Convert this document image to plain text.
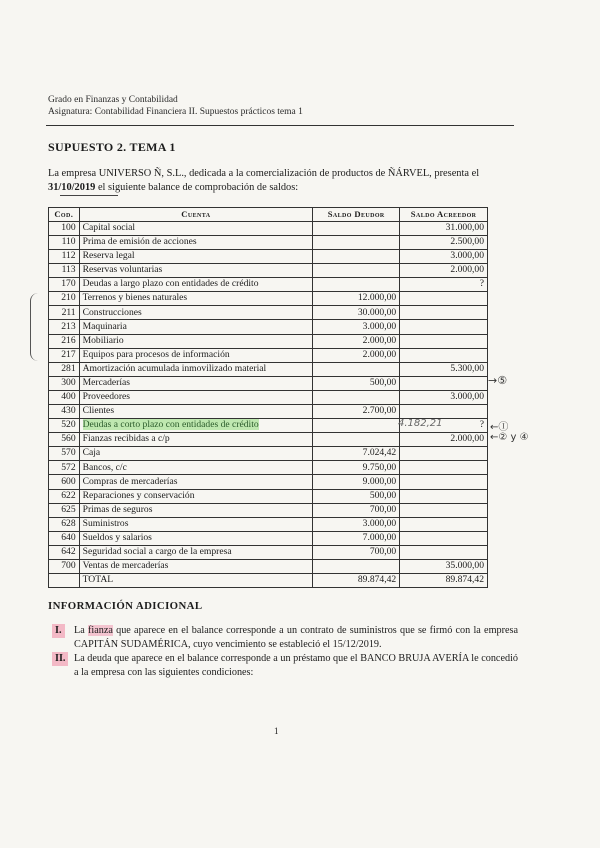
Grado en Finanzas y Contabilidad
Asignatura: Contabilidad Financiera II. Supuestos prácticos tema 1
SUPUESTO 2. TEMA 1
La empresa UNIVERSO Ñ, S.L., dedicada a la comercialización de productos de ÑÁRVEL, presenta el 31/10/2019 el siguiente balance de comprobación de saldos:
Cod.	Cuenta	Saldo Deudor	Saldo Acreedor
100	Capital social		31.000,00
110	Prima de emisión de acciones		2.500,00
112	Reserva legal		3.000,00
113	Reservas voluntarias		2.000,00
170	Deudas a largo plazo con entidades de crédito		?
210	Terrenos y bienes naturales	12.000,00	
211	Construcciones	30.000,00	
213	Maquinaria	3.000,00	
216	Mobiliario	2.000,00	
217	Equipos para procesos de información	2.000,00	
281	Amortización acumulada inmovilizado material		5.300,00
300	Mercaderías	500,00	
400	Proveedores		3.000,00
430	Clientes	2.700,00	
520	Deudas a corto plazo con entidades de crédito		?
560	Fianzas recibidas a c/p		2.000,00
570	Caja	7.024,42	
572	Bancos, c/c	9.750,00	
600	Compras de mercaderías	9.000,00	
622	Reparaciones y conservación	500,00	
625	Primas de seguros	700,00	
628	Suministros	3.000,00	
640	Sueldos y salarios	7.000,00	
642	Seguridad social a cargo de la empresa	700,00	
700	Ventas de mercaderías		35.000,00
	TOTAL	89.874,42	89.874,42
→⑤
4.182,21	←Ⓘ
←② y ④
INFORMACIÓN ADICIONAL
I. La fianza que aparece en el balance corresponde a un contrato de suministros que se firmó con la empresa CAPITÁN SUDAMÉRICA, cuyo vencimiento se estableció el 15/12/2019.
II. La deuda que aparece en el balance corresponde a un préstamo que el BANCO BRUJA AVERÍA le concedió a la empresa con las siguientes condiciones:
1
